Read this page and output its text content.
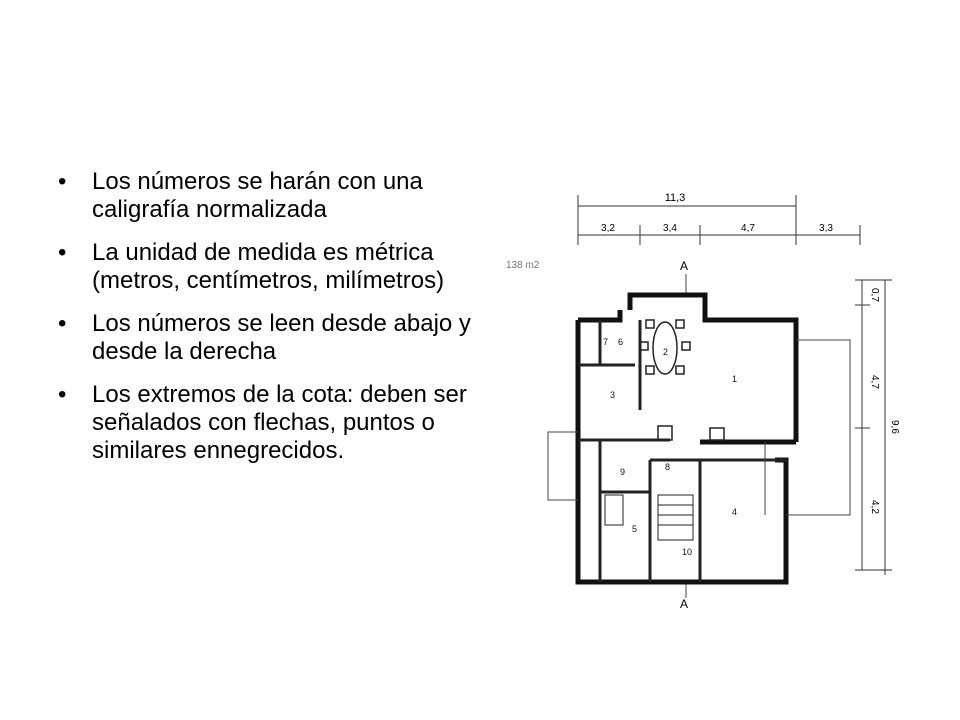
• Los números se harán con una caligrafía normalizada
• La unidad de medida es métrica (metros, centímetros, milímetros)
• Los números se leen desde abajo y desde la derecha
• Los extremos de la cota: deben ser señalados con flechas, puntos o similares ennegrecidos.
11,3
3,2	3,4	4,7	3,3
138 m2
0,7
4,7
4,2
9,6
A
A
1
2
3
4
5
6
7
8
9
10
